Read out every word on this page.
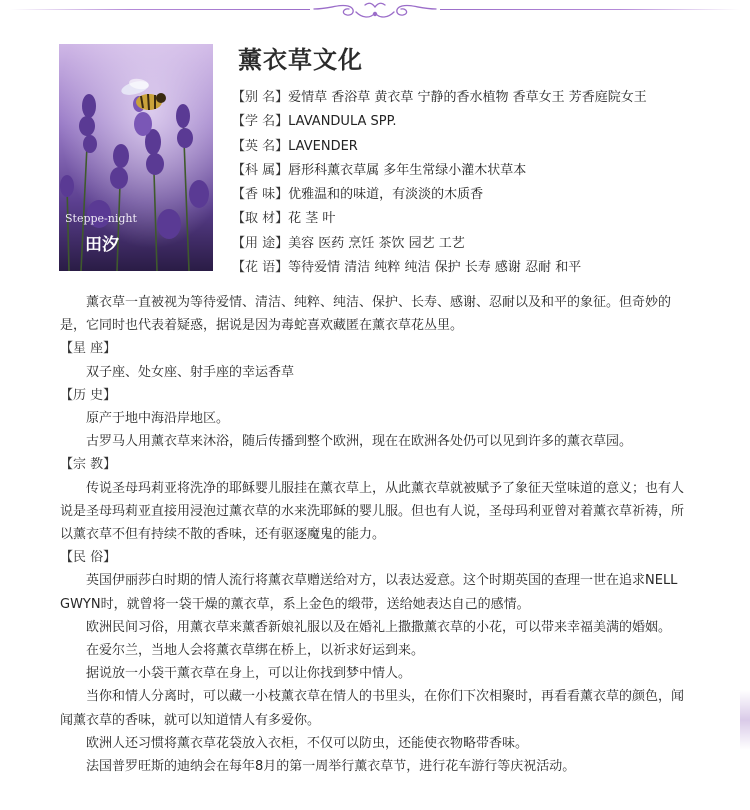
Steppe-night
田汐
薰衣草文化
【别 名】爱情草 香浴草 黄衣草 宁静的香水植物 香草女王 芳香庭院女王
【学 名】LAVANDULA SPP.
【英 名】LAVENDER
【科 属】唇形科薰衣草属 多年生常绿小灌木状草本
【香 味】优雅温和的味道，有淡淡的木质香
【取 材】花 茎 叶
【用 途】美容 医药 烹饪 茶饮 园艺 工艺
【花 语】等待爱情 清洁 纯粹 纯洁 保护 长寿 感谢 忍耐 和平

薰衣草一直被视为等待爱情、清洁、纯粹、纯洁、保护、长寿、感谢、忍耐以及和平的象征。但奇妙的是，它同时也代表着疑惑，据说是因为毒蛇喜欢藏匿在薰衣草花丛里。

【星 座】

双子座、处女座、射手座的幸运香草

【历 史】

原产于地中海沿岸地区。

古罗马人用薰衣草来沐浴，随后传播到整个欧洲，现在在欧洲各处仍可以见到许多的薰衣草园。

【宗 教】

传说圣母玛莉亚将洗净的耶稣婴儿服挂在薰衣草上，从此薰衣草就被赋予了象征天堂味道的意义；也有人说是圣母玛莉亚直接用浸泡过薰衣草的水来洗耶稣的婴儿服。但也有人说，圣母玛利亚曾对着薰衣草祈祷，所以薰衣草不但有持续不散的香味，还有驱逐魔鬼的能力。

【民 俗】

英国伊丽莎白时期的情人流行将薰衣草赠送给对方，以表达爱意。这个时期英国的查理一世在追求NELL GWYN时，就曾将一袋干燥的薰衣草，系上金色的缎带，送给她表达自己的感情。

欧洲民间习俗，用薰衣草来薰香新娘礼服以及在婚礼上撒撒薰衣草的小花，可以带来幸福美满的婚姻。

在爱尔兰，当地人会将薰衣草绑在桥上，以祈求好运到来。

据说放一小袋干薰衣草在身上，可以让你找到梦中情人。

当你和情人分离时，可以藏一小枝薰衣草在情人的书里头，在你们下次相聚时，再看看薰衣草的颜色，闻闻薰衣草的香味，就可以知道情人有多爱你。

欧洲人还习惯将薰衣草花袋放入衣柜，不仅可以防虫，还能使衣物略带香味。

法国普罗旺斯的迪纳会在每年8月的第一周举行薰衣草节，进行花车游行等庆祝活动。
